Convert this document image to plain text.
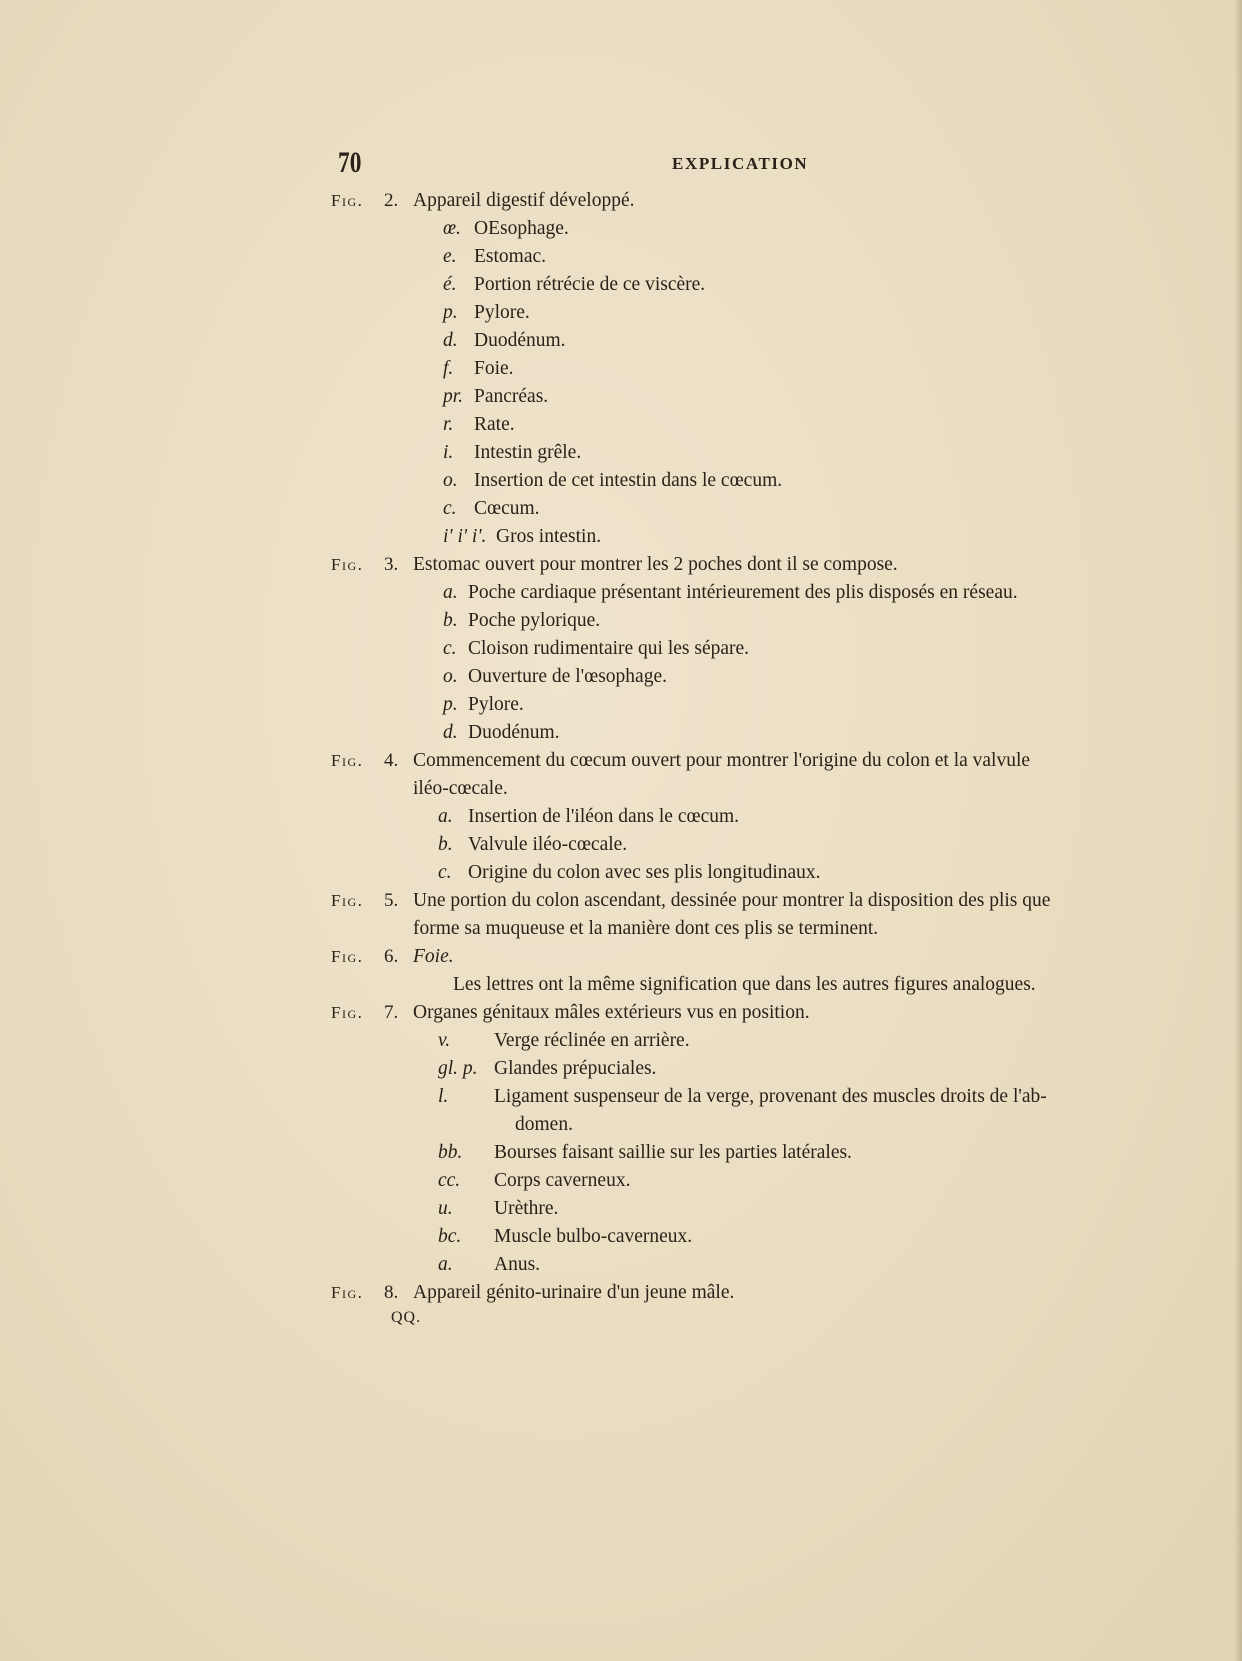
70	EXPLICATION
Fig. 2. Appareil digestif développé.
œ. OEsophage.
e. Estomac.
é. Portion rétrécie de ce viscère.
p. Pylore.
d. Duodénum.
f. Foie.
pr. Pancréas.
r. Rate.
i. Intestin grêle.
o. Insertion de cet intestin dans le cœcum.
c. Cœcum.
i' i' i'. Gros intestin.
Fig. 3. Estomac ouvert pour montrer les 2 poches dont il se compose.
a. Poche cardiaque présentant intérieurement des plis disposés en réseau.
b. Poche pylorique.
c. Cloison rudimentaire qui les sépare.
o. Ouverture de l'œsophage.
p. Pylore.
d. Duodénum.
Fig. 4. Commencement du cœcum ouvert pour montrer l'origine du colon et la valvule
iléo-cœcale.
a. Insertion de l'iléon dans le cœcum.
b. Valvule iléo-cœcale.
c. Origine du colon avec ses plis longitudinaux.
Fig. 5. Une portion du colon ascendant, dessinée pour montrer la disposition des plis que
forme sa muqueuse et la manière dont ces plis se terminent.
Fig. 6. Foie.
Les lettres ont la même signification que dans les autres figures analogues.
Fig. 7. Organes génitaux mâles extérieurs vus en position.
v. Verge réclinée en arrière.
gl. p. Glandes prépuciales.
l. Ligament suspenseur de la verge, provenant des muscles droits de l'ab-
domen.
bb. Bourses faisant saillie sur les parties latérales.
cc. Corps caverneux.
u. Urèthre.
bc. Muscle bulbo-caverneux.
a. Anus.
Fig. 8. Appareil génito-urinaire d'un jeune mâle.
QQ.
